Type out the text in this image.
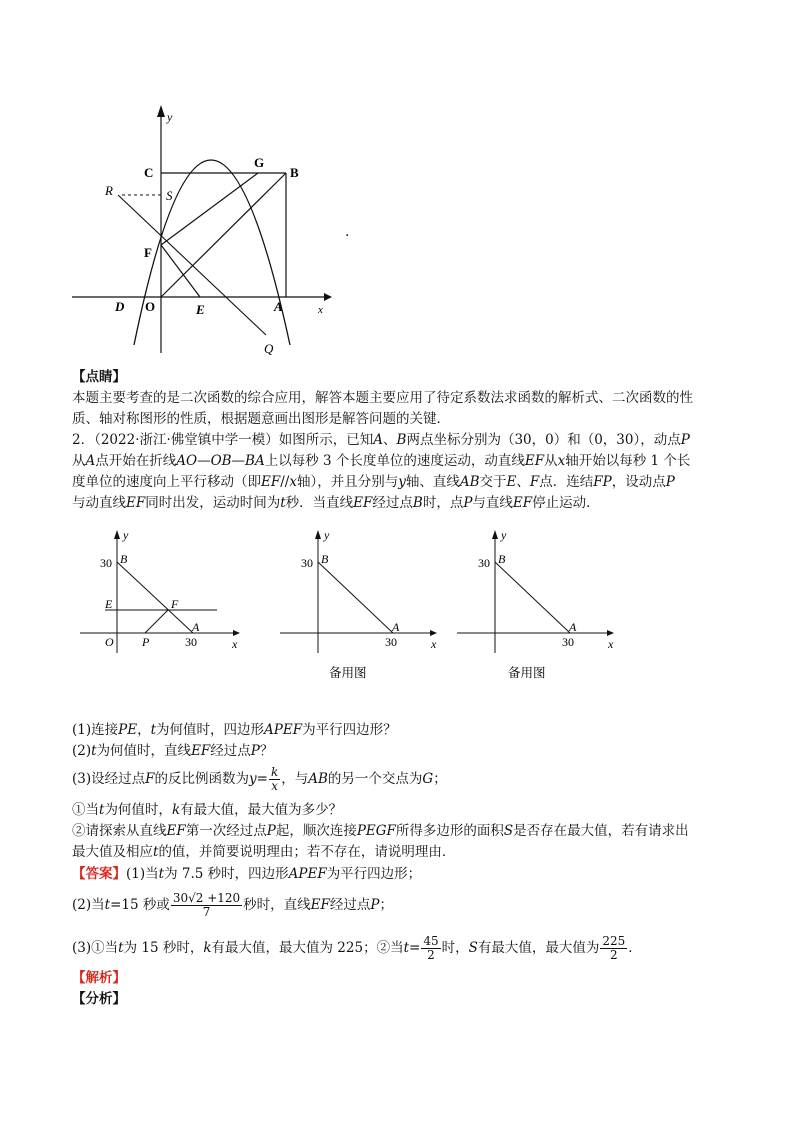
y
C
G
B
R	S
F
D O	E	A	x
Q
.
【点睛】
本题主要考查的是二次函数的综合应用，解答本题主要应用了待定系数法求函数的解析式、二次函数的性
质、轴对称图形的性质，根据题意画出图形是解答问题的关键．
2．（2022·浙江·佛堂镇中学一模）如图所示，已知A、B两点坐标分别为（30，0）和（0，30），动点P
从A点开始在折线AO—OB—BA上以每秒 3 个长度单位的速度运动，动直线EF从x轴开始以每秒 1 个长
度单位的速度向上平行移动（即EF//x轴），并且分别与y轴、直线AB交于E、F点．连结FP，设动点P
与动直线EF同时出发，运动时间为t秒．当直线EF经过点B时，点P与直线EF停止运动．
y
x
30 B
E	F
O P
A
30
y
x
30 B
A
30
备用图
y
x
30 B
A
30
备用图
(1)连接PE，t为何值时，四边形APEF为平行四边形？
(2)t为何值时，直线EF经过点P？
(3)设经过点F的反比例函数为$y= \frac{k}{x}$ ，与AB的另一个交点为G；
①当t为何值时，k有最大值，最大值为多少？
②请探索从直线EF第一次经过点P起，顺次连接PEGF所得多边形的面积S是否存在最大值，若有请求出
最大值及相应t的值，并简要说明理由；若不存在，请说明理由．
【答案】(1)当t为 7.5 秒时，四边形APEF为平行四边形；
(2)当t=15 秒或 $\frac{30√2 +120}{7}$ 秒时，直线EF经过点P；
(3)①当t为 15 秒时，k有最大值，最大值为 225；②当$t= \frac{45}{2}$ 时，S有最大值，最大值为 $\frac{225}{2}$ ．
【解析】
【分析】
